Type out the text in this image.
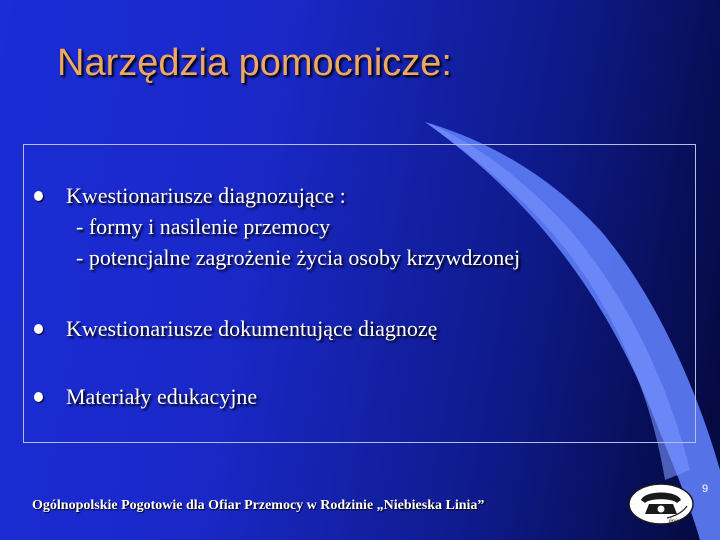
Narzędzia pomocnicze:
Kwestionariusze diagnozujące :
- formy i nasilenie przemocy
- potencjalne zagrożenie życia osoby krzywdzonej
Kwestionariusze dokumentujące diagnozę
Materiały edukacyjne
Ogólnopolskie Pogotowie dla Ofiar Przemocy w Rodzinie „Niebieska Linia”
9
linia
